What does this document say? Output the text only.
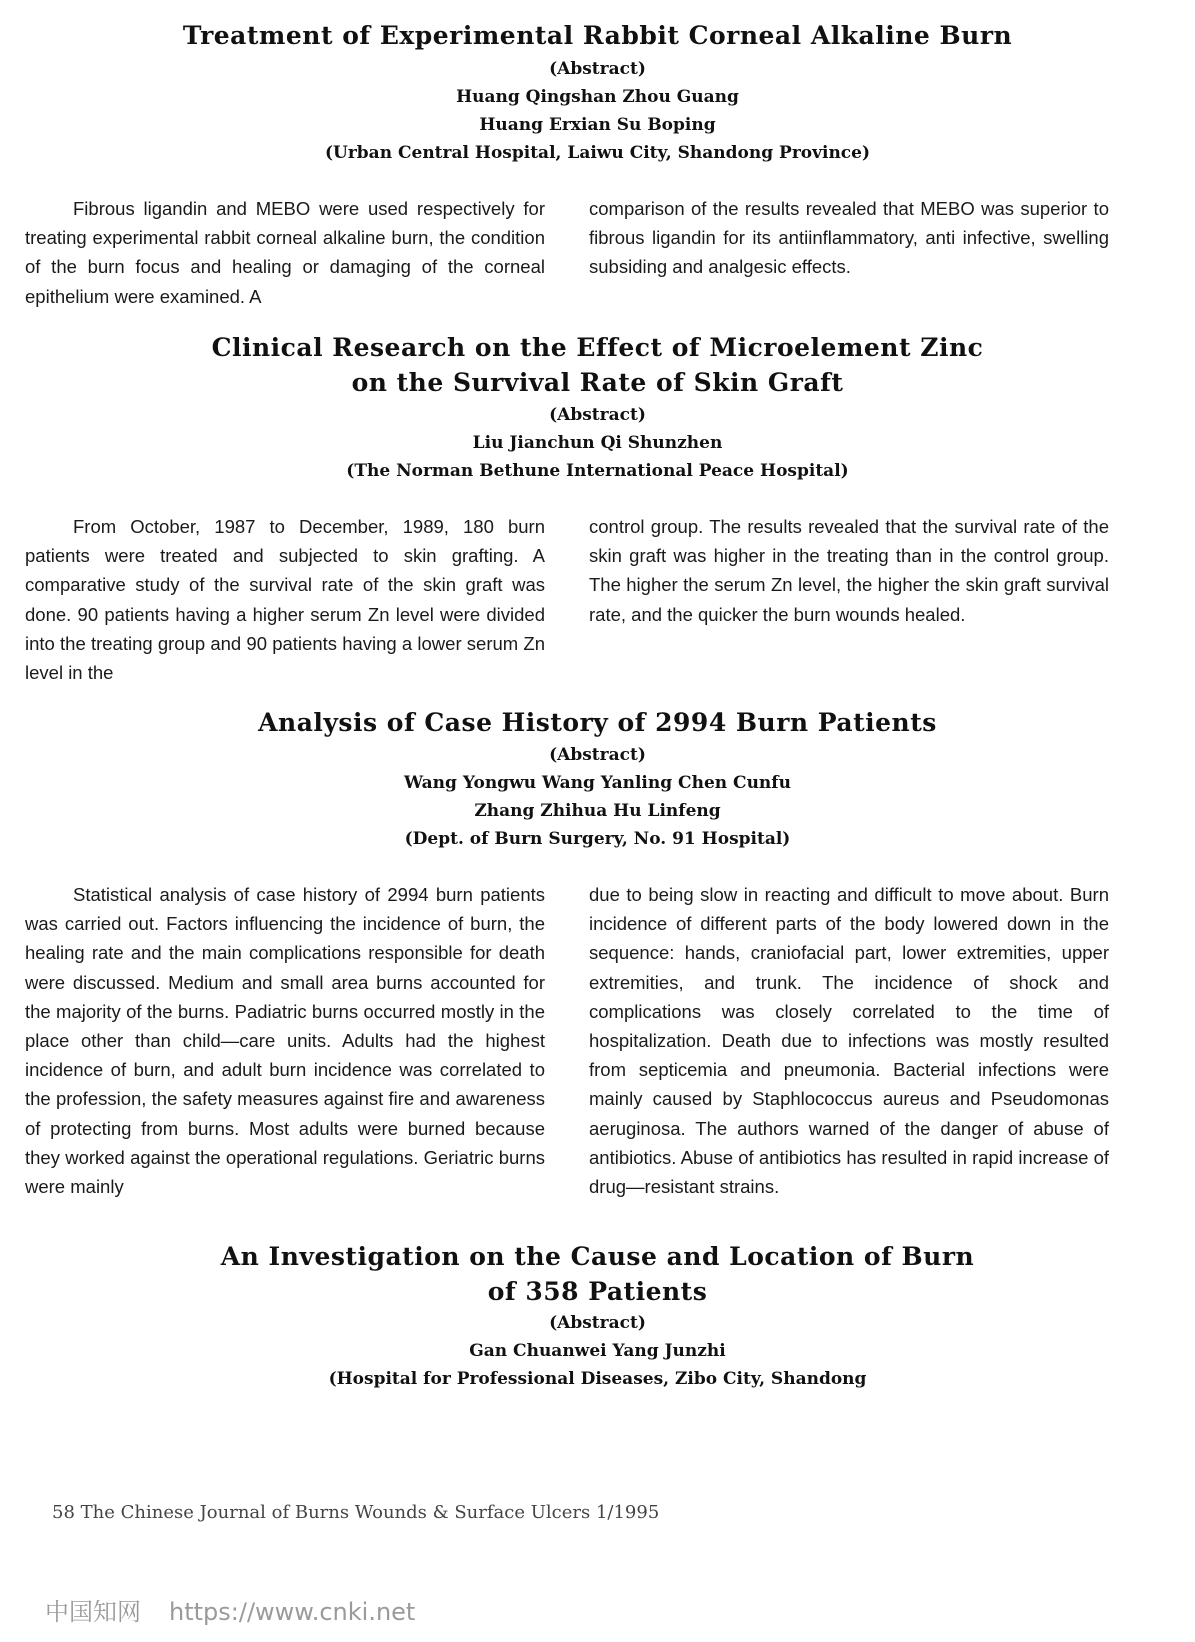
Treatment of Experimental Rabbit Corneal Alkaline Burn

(Abstract)

Huang Qingshan Zhou Guang

Huang Erxian Su Boping

(Urban Central Hospital, Laiwu City, Shandong Province)

Fibrous ligandin and MEBO were used respectively for treating experimental rabbit corneal alkaline burn, the condition of the burn focus and healing or damaging of the corneal epithelium were examined. A

comparison of the results revealed that MEBO was superior to fibrous ligandin for its antiinflammatory, anti infective, swelling subsiding and analgesic effects.

Clinical Research on the Effect of Microelement Zinc
on the Survival Rate of Skin Graft

(Abstract)

Liu Jianchun Qi Shunzhen

(The Norman Bethune International Peace Hospital)

From October, 1987 to December, 1989, 180 burn patients were treated and subjected to skin grafting. A comparative study of the survival rate of the skin graft was done. 90 patients having a higher serum Zn level were divided into the treating group and 90 patients having a lower serum Zn level in the

control group. The results revealed that the survival rate of the skin graft was higher in the treating than in the control group. The higher the serum Zn level, the higher the skin graft survival rate, and the quicker the burn wounds healed.

Analysis of Case History of 2994 Burn Patients

(Abstract)

Wang Yongwu Wang Yanling Chen Cunfu

Zhang Zhihua Hu Linfeng

(Dept. of Burn Surgery, No. 91 Hospital)

Statistical analysis of case history of 2994 burn patients was carried out. Factors influencing the incidence of burn, the healing rate and the main complications responsible for death were discussed. Medium and small area burns accounted for the majority of the burns. Padiatric burns occurred mostly in the place other than child—care units. Adults had the highest incidence of burn, and adult burn incidence was correlated to the profession, the safety measures against fire and awareness of protecting from burns. Most adults were burned because they worked against the operational regulations. Geriatric burns were mainly

due to being slow in reacting and difficult to move about. Burn incidence of different parts of the body lowered down in the sequence: hands, craniofacial part, lower extremities, upper extremities, and trunk. The incidence of shock and complications was closely correlated to the time of hospitalization. Death due to infections was mostly resulted from septicemia and pneumonia. Bacterial infections were mainly caused by Staphlococcus aureus and Pseudomonas aeruginosa. The authors warned of the danger of abuse of antibiotics. Abuse of antibiotics has resulted in rapid increase of drug—resistant strains.

An Investigation on the Cause and Location of Burn
of 358 Patients

(Abstract)

Gan Chuanwei Yang Junzhi

(Hospital for Professional Diseases, Zibo City, Shandong

58 The Chinese Journal of Burns Wounds & Surface Ulcers 1/1995

中国知网 https://www.cnki.net
